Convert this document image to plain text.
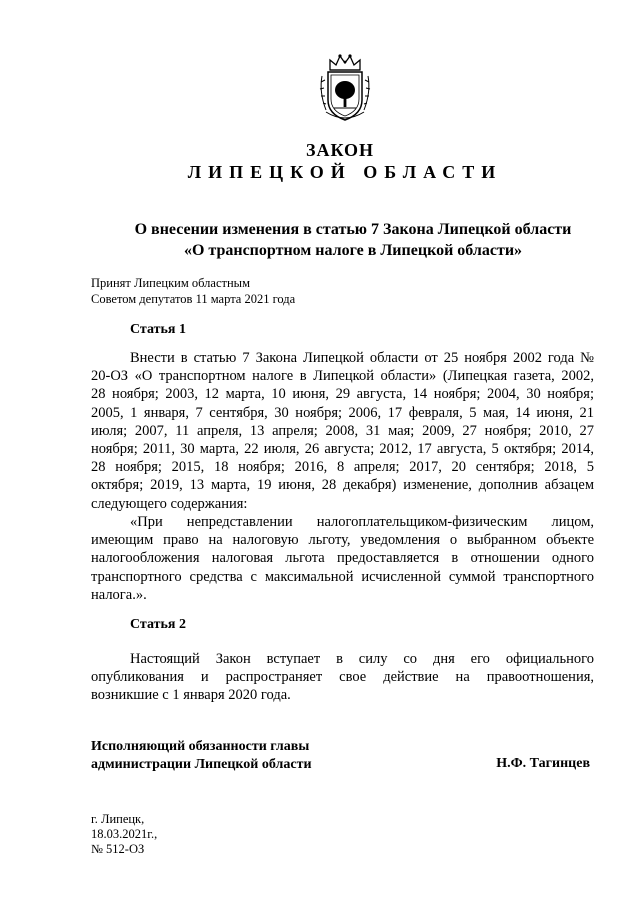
ЗАКОН
ЛИПЕЦКОЙ ОБЛАСТИ
О внесении изменения в статью 7 Закона Липецкой области
«О транспортном налоге в Липецкой области»
Принят Липецким областным
Советом депутатов 11 марта 2021 года
Статья 1
Внести в статью 7 Закона Липецкой области от 25 ноября 2002 года №
20-ОЗ «О транспортном налоге в Липецкой области» (Липецкая газета, 2002,
28 ноября; 2003, 12 марта, 10 июня, 29 августа, 14 ноября; 2004, 30 ноября;
2005, 1 января, 7 сентября, 30 ноября; 2006, 17 февраля, 5 мая, 14 июня, 21
июля; 2007, 11 апреля, 13 апреля; 2008, 31 мая; 2009, 27 ноября; 2010, 27
ноября; 2011, 30 марта, 22 июля, 26 августа; 2012, 17 августа, 5 октября; 2014,
28 ноября; 2015, 18 ноября; 2016, 8 апреля; 2017, 20 сентября; 2018, 5
октября; 2019, 13 марта, 19 июня, 28 декабря) изменение, дополнив абзацем
следующего содержания:
«При непредставлении налогоплательщиком-физическим лицом,
имеющим право на налоговую льготу, уведомления о выбранном объекте
налогообложения налоговая льгота предоставляется в отношении одного
транспортного средства с максимальной исчисленной суммой транспортного
налога.».
Статья 2
Настоящий Закон вступает в силу со дня его официального
опубликования и распространяет свое действие на правоотношения,
возникшие с 1 января 2020 года.
Исполняющий обязанности главы
администрации Липецкой области	Н.Ф. Тагинцев
г. Липецк,
18.03.2021г.,
№ 512-ОЗ
